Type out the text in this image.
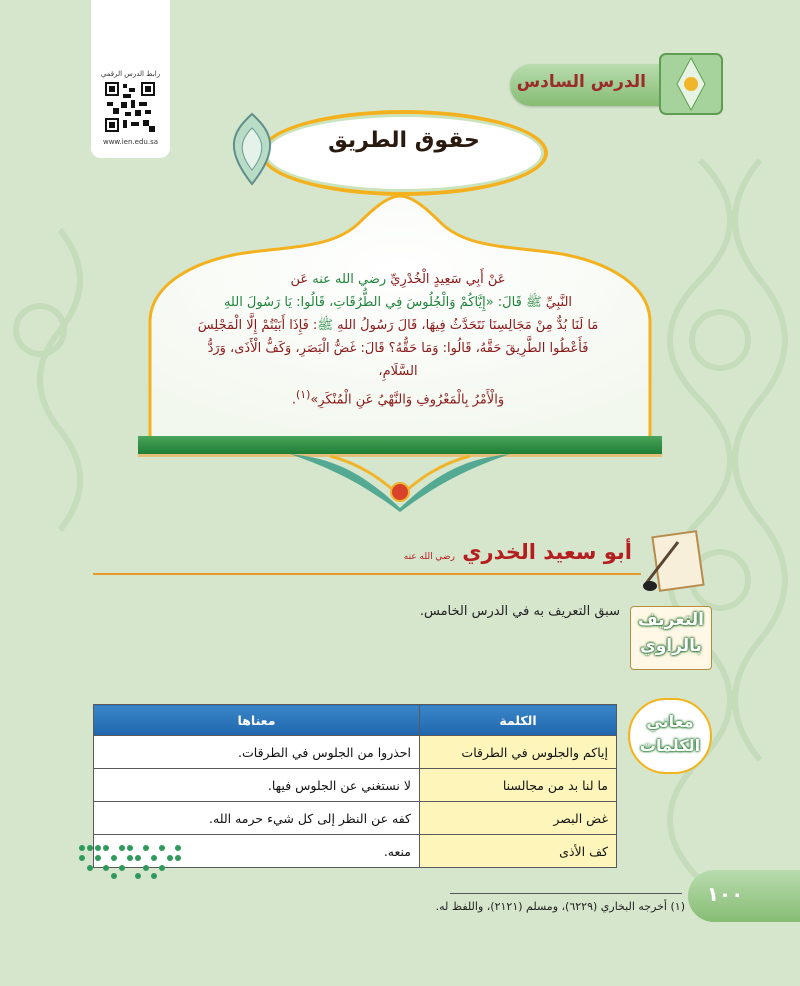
رابط الدرس الرقمي
www.ien.edu.sa
الدرس السادس
حقوق الطريق
عَنْ أَبِي سَعِيدٍ الْخُدْرِيِّ رضي الله عنه عَن
النَّبِيِّ ﷺ قَالَ: «إِيَّاكُمْ وَالْجُلُوسَ فِي الطُّرُقَاتِ، قَالُوا: يَا رَسُولَ اللهِ
مَا لَنَا بُدٌّ مِنْ مَجَالِسِنَا نَتَحَدَّثُ فِيهَا، قَالَ رَسُولُ اللهِ ﷺ: فَإِذَا أَبَيْتُمْ إِلَّا الْمَجْلِسَ
فَأَعْطُوا الطَّرِيقَ حَقَّهُ، قَالُوا: وَمَا حَقُّهُ؟ قَالَ: غَضُّ الْبَصَرِ، وَكَفُّ الْأَذَى، وَرَدُّ السَّلَامِ،
وَالْأَمْرُ بِالْمَعْرُوفِ وَالنَّهْيُ عَنِ الْمُنْكَرِ»$^{(١)}$.
أبو سعيد الخدري رضي الله عنه
التعريف
بالراوي
سبق التعريف به في الدرس الخامس.
معاني
الكلمات
الكلمة	معناها
إياكم والجلوس في الطرقات	احذروا من الجلوس في الطرقات.
ما لنا بد من مجالسنا	لا نستغني عن الجلوس فيها.
غض البصر	كفه عن النظر إلى كل شيء حرمه الله.
كف الأذى	منعه.
١٠٠
(١) أخرجه البخاري (٦٢٢٩)، ومسلم (٢١٢١)، واللفظ له.
